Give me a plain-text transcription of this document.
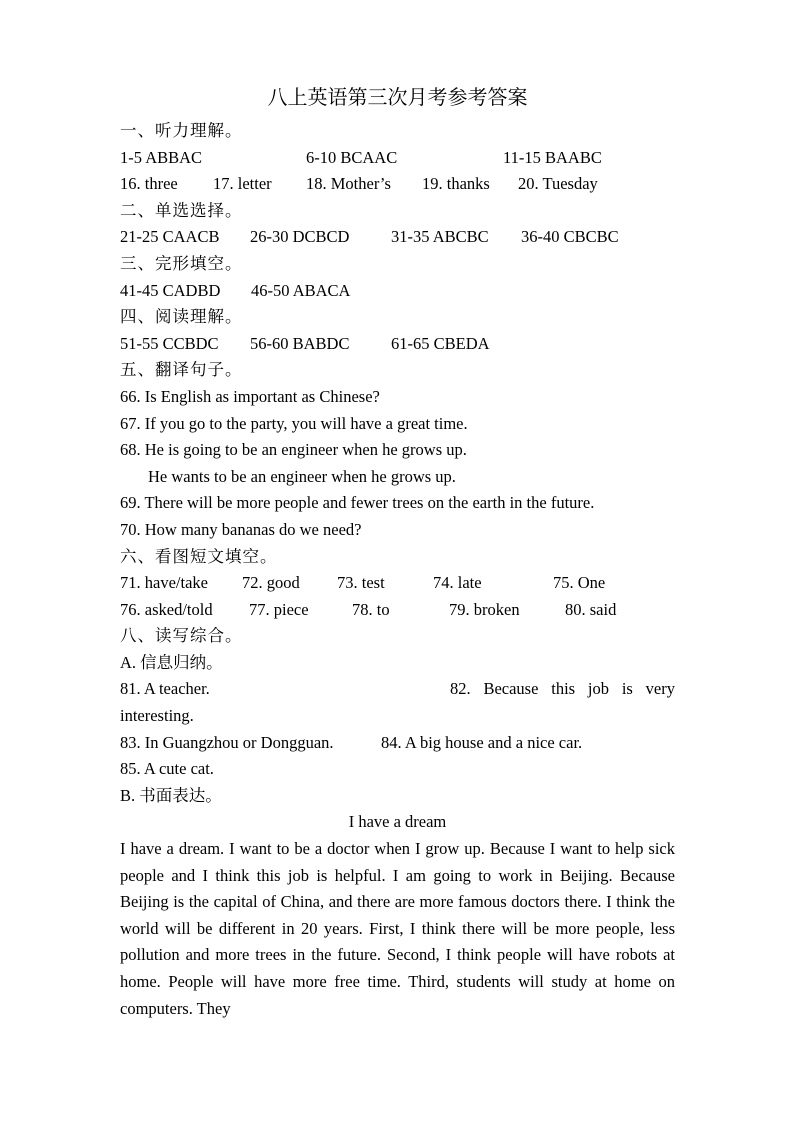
八上英语第三次月考参考答案
一、听力理解。
1-5 ABBAC	6-10 BCAAC	11-15 BAABC
16. three	17. letter	18. Mother’s	19. thanks	20. Tuesday
二、单选选择。
21-25 CAACB	26-30 DCBCD	31-35 ABCBC	36-40 CBCBC
三、完形填空。
41-45 CADBD	46-50 ABACA
四、阅读理解。
51-55 CCBDC	56-60 BABDC	61-65 CBEDA
五、翻译句子。
66. Is English as important as Chinese?
67. If you go to the party, you will have a great time.
68. He is going to be an engineer when he grows up.
He wants to be an engineer when he grows up.
69. There will be more people and fewer trees on the earth in the future.
70. How many bananas do we need?
六、看图短文填空。
71. have/take	72. good	73. test	74. late	75. One
76. asked/told	77. piece	78. to	79. broken	80. said
八、读写综合。
A. 信息归纳。
81. A teacher.	82. Because this job is very
interesting.
83. In Guangzhou or Dongguan.	84. A big house and a nice car.
85. A cute cat.
B. 书面表达。
I have a dream
I have a dream. I want to be a doctor when I grow up. Because I want to help sick people and I think this job is helpful. I am going to work in Beijing. Because Beijing is the capital of China, and there are more famous doctors there. I think the world will be different in 20 years. First, I think there will be more people, less pollution and more trees in the future. Second, I think people will have robots at home. People will have more free time. Third, students will study at home on computers. They
